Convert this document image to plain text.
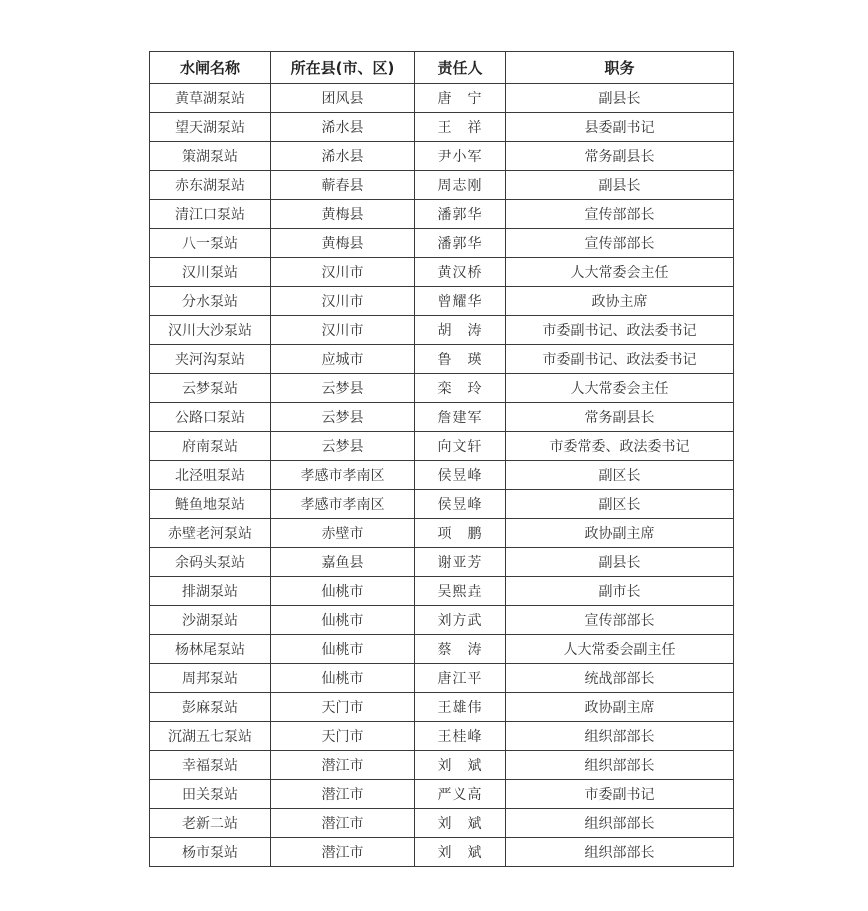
水闸名称	所在县(市、区)	责任人	职务
黄草湖泵站	团风县	唐　宁	副县长
望天湖泵站	浠水县	王　祥	县委副书记
策湖泵站	浠水县	尹小军	常务副县长
赤东湖泵站	蕲春县	周志刚	副县长
清江口泵站	黄梅县	潘郭华	宣传部部长
八一泵站	黄梅县	潘郭华	宣传部部长
汉川泵站	汉川市	黄汉桥	人大常委会主任
分水泵站	汉川市	曾耀华	政协主席
汉川大沙泵站	汉川市	胡　涛	市委副书记、政法委书记
夹河沟泵站	应城市	鲁　瑛	市委副书记、政法委书记
云梦泵站	云梦县	栾　玲	人大常委会主任
公路口泵站	云梦县	詹建军	常务副县长
府南泵站	云梦县	向文轩	市委常委、政法委书记
北泾咀泵站	孝感市孝南区	侯昱峰	副区长
鲢鱼地泵站	孝感市孝南区	侯昱峰	副区长
赤壁老河泵站	赤壁市	项　鹏	政协副主席
余码头泵站	嘉鱼县	谢亚芳	副县长
排湖泵站	仙桃市	吴熙垚	副市长
沙湖泵站	仙桃市	刘方武	宣传部部长
杨林尾泵站	仙桃市	蔡　涛	人大常委会副主任
周邦泵站	仙桃市	唐江平	统战部部长
彭麻泵站	天门市	王雄伟	政协副主席
沉湖五七泵站	天门市	王桂峰	组织部部长
幸福泵站	潜江市	刘　斌	组织部部长
田关泵站	潜江市	严义高	市委副书记
老新二站	潜江市	刘　斌	组织部部长
杨市泵站	潜江市	刘　斌	组织部部长
